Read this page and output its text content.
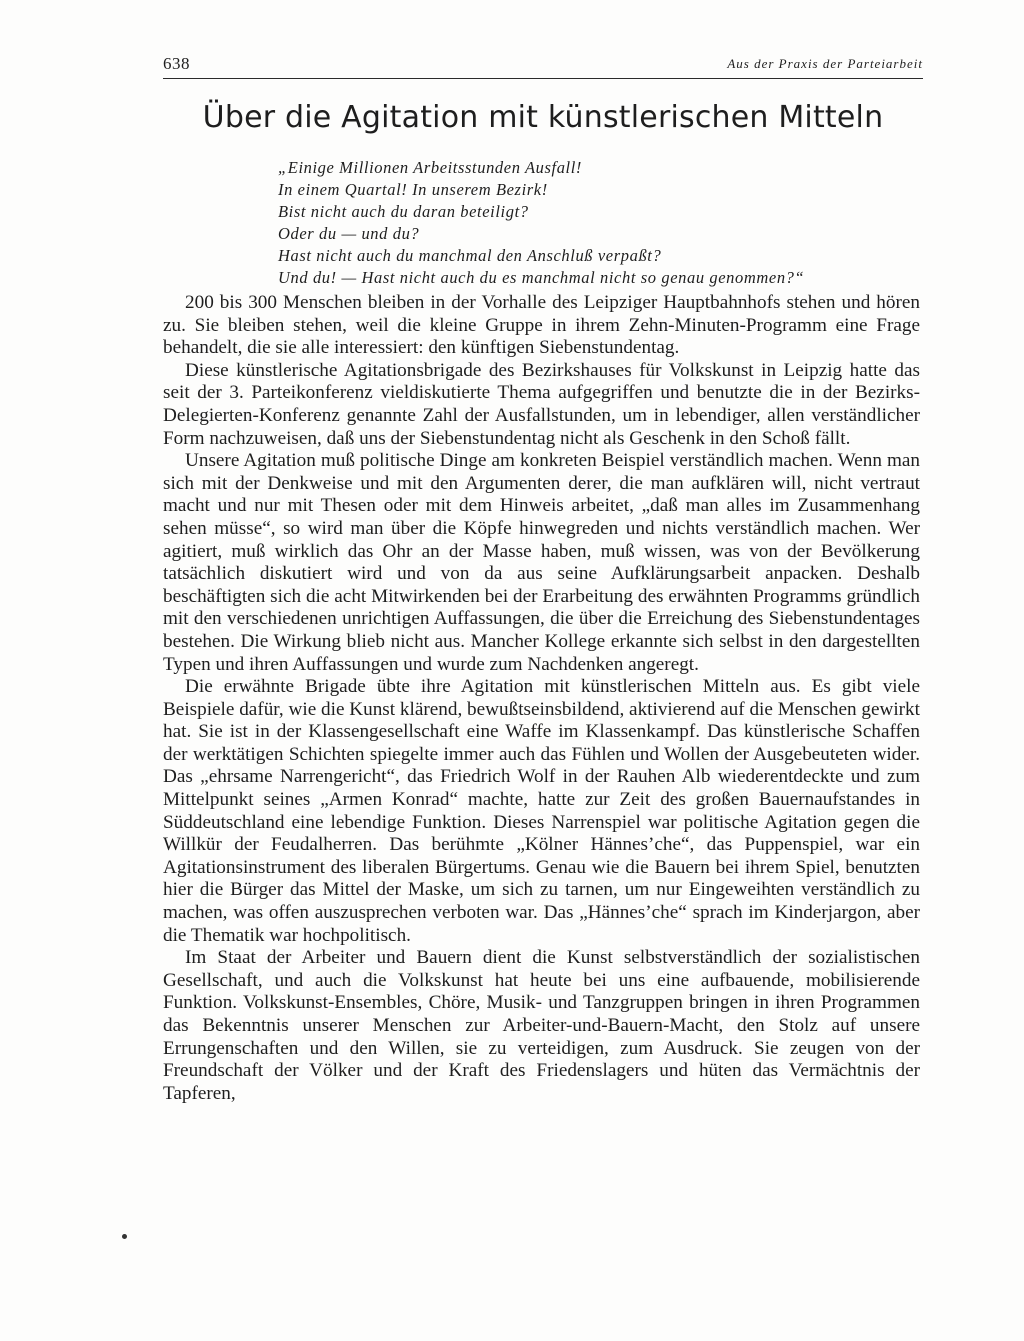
638	Aus der Praxis der Parteiarbeit
Über die Agitation mit künstlerischen Mitteln
„Einige Millionen Arbeitsstunden Ausfall!
In einem Quartal! In unserem Bezirk!
Bist nicht auch du daran beteiligt?
Oder du — und du?
Hast nicht auch du manchmal den Anschluß verpaßt?
Und du! — Hast nicht auch du es manchmal nicht so genau genommen?“

200 bis 300 Menschen bleiben in der Vorhalle des Leipziger Hauptbahnhofs stehen und hören zu. Sie bleiben stehen, weil die kleine Gruppe in ihrem Zehn-Minuten-Programm eine Frage behandelt, die sie alle interessiert: den künftigen Siebenstundentag.

Diese künstlerische Agitationsbrigade des Bezirkshauses für Volkskunst in Leipzig hatte das seit der 3. Parteikonferenz vieldiskutierte Thema aufgegriffen und benutzte die in der Bezirks-Delegierten-Konferenz genannte Zahl der Ausfallstunden, um in lebendiger, allen verständlicher Form nachzuweisen, daß uns der Siebenstundentag nicht als Geschenk in den Schoß fällt.

Unsere Agitation muß politische Dinge am konkreten Beispiel verständlich machen. Wenn man sich mit der Denkweise und mit den Argumenten derer, die man aufklären will, nicht vertraut macht und nur mit Thesen oder mit dem Hinweis arbeitet, „daß man alles im Zusammenhang sehen müsse“, so wird man über die Köpfe hinwegreden und nichts verständlich machen. Wer agitiert, muß wirklich das Ohr an der Masse haben, muß wissen, was von der Bevölkerung tatsächlich diskutiert wird und von da aus seine Aufklärungsarbeit anpacken. Deshalb beschäftigten sich die acht Mitwirkenden bei der Erarbeitung des erwähnten Programms gründlich mit den verschiedenen unrichtigen Auffassungen, die über die Erreichung des Siebenstundentages bestehen. Die Wirkung blieb nicht aus. Mancher Kollege erkannte sich selbst in den dargestellten Typen und ihren Auffassungen und wurde zum Nachdenken angeregt.

Die erwähnte Brigade übte ihre Agitation mit künstlerischen Mitteln aus. Es gibt viele Beispiele dafür, wie die Kunst klärend, bewußtseinsbildend, aktivierend auf die Menschen gewirkt hat. Sie ist in der Klassengesellschaft eine Waffe im Klassenkampf. Das künstlerische Schaffen der werktätigen Schichten spiegelte immer auch das Fühlen und Wollen der Ausgebeuteten wider. Das „ehrsame Narrengericht“, das Friedrich Wolf in der Rauhen Alb wiederentdeckte und zum Mittelpunkt seines „Armen Konrad“ machte, hatte zur Zeit des großen Bauernaufstandes in Süddeutschland eine lebendige Funktion. Dieses Narrenspiel war politische Agitation gegen die Willkür der Feudalherren. Das berühmte „Kölner Hännes’che“, das Puppenspiel, war ein Agitationsinstrument des liberalen Bürgertums. Genau wie die Bauern bei ihrem Spiel, benutzten hier die Bürger das Mittel der Maske, um sich zu tarnen, um nur Eingeweihten verständlich zu machen, was offen auszusprechen verboten war. Das „Hännes’che“ sprach im Kinderjargon, aber die Thematik war hochpolitisch.

Im Staat der Arbeiter und Bauern dient die Kunst selbstverständlich der sozialistischen Gesellschaft, und auch die Volkskunst hat heute bei uns eine aufbauende, mobilisierende Funktion. Volkskunst-Ensembles, Chöre, Musik- und Tanzgruppen bringen in ihren Programmen das Bekenntnis unserer Menschen zur Arbeiter-und-Bauern-Macht, den Stolz auf unsere Errungenschaften und den Willen, sie zu verteidigen, zum Ausdruck. Sie zeugen von der Freundschaft der Völker und der Kraft des Friedenslagers und hüten das Vermächtnis der Tapferen,
